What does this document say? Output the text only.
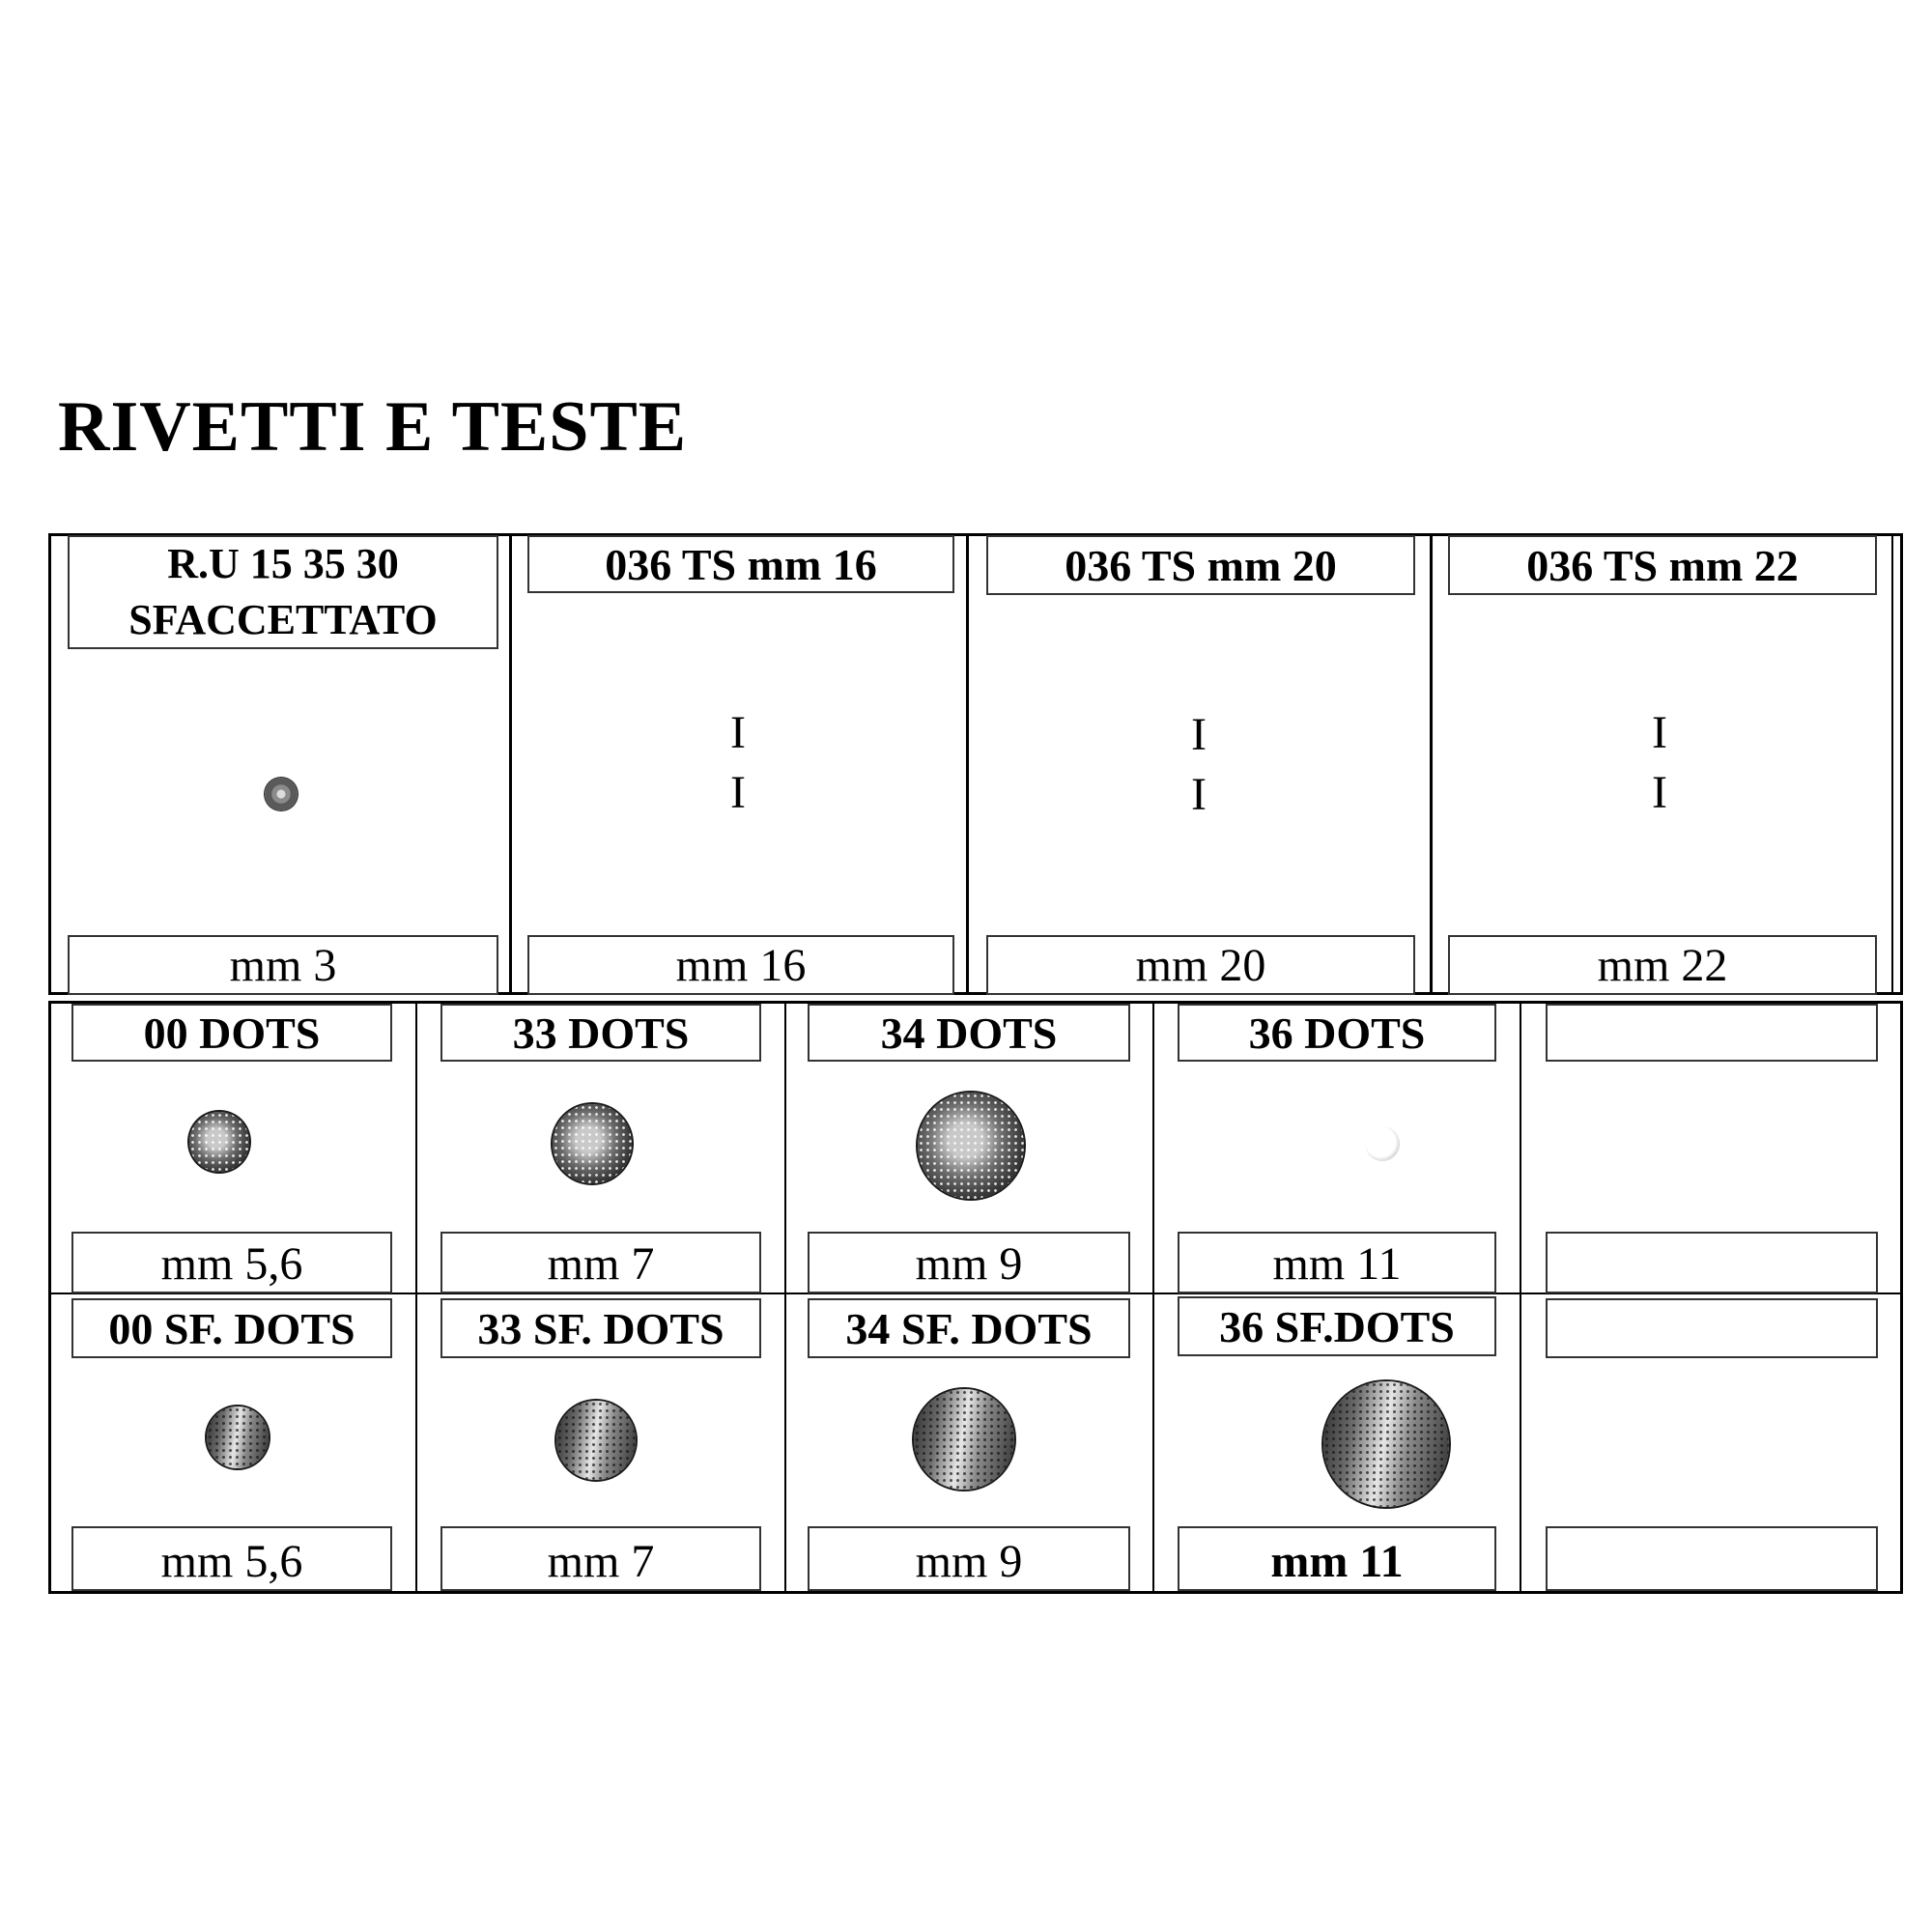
RIVETTI E TESTE
R.U 15 35 30
SFACCETTATO
mm 3
036 TS mm 16
I
I
mm 16
036 TS mm 20
I
I
mm 20
036 TS mm 22
I
I
mm 22
00 DOTS
mm 5,6
33 DOTS
mm 7
34 DOTS
mm 9
36 DOTS
mm 11
00 SF. DOTS
mm 5,6
33 SF. DOTS
mm 7
34 SF. DOTS
mm 9
36 SF.DOTS
mm 11
